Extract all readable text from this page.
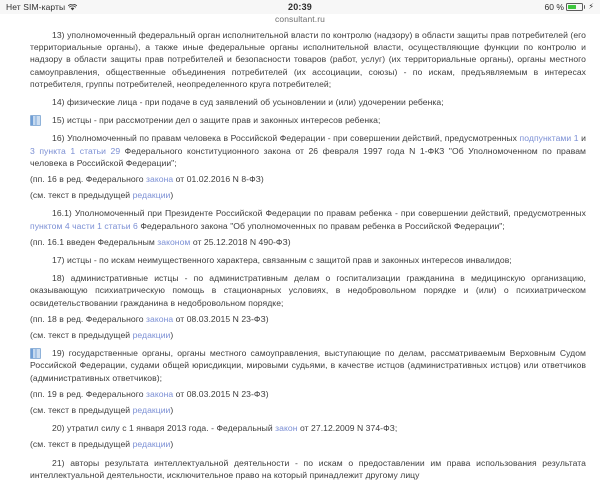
Нет SIM-карты	20:39	60 %	⚡
consultant.ru

13) уполномоченный федеральный орган исполнительной власти по контролю (надзору) в области защиты прав потребителей (его территориальные органы), а также иные федеральные органы исполнительной власти, осуществляющие функции по контролю и надзору в области защиты прав потребителей и безопасности товаров (работ, услуг) (их территориальные органы), органы местного самоуправления, общественные объединения потребителей (их ассоциации, союзы) - по искам, предъявляемым в интересах потребителя, группы потребителей, неопределенного круга потребителей;

14) физические лица - при подаче в суд заявлений об усыновлении и (или) удочерении ребенка;

15) истцы - при рассмотрении дел о защите прав и законных интересов ребенка;

16) Уполномоченный по правам человека в Российской Федерации - при совершении действий, предусмотренных подпунктами 1 и 3 пункта 1 статьи 29 Федерального конституционного закона от 26 февраля 1997 года N 1-ФКЗ "Об Уполномоченном по правам человека в Российской Федерации";

(пп. 16 в ред. Федерального закона от 01.02.2016 N 8-ФЗ)

(см. текст в предыдущей редакции)

16.1) Уполномоченный при Президенте Российской Федерации по правам ребенка - при совершении действий, предусмотренных пунктом 4 части 1 статьи 6 Федерального закона "Об уполномоченных по правам ребенка в Российской Федерации";

(пп. 16.1 введен Федеральным законом от 25.12.2018 N 490-ФЗ)

17) истцы - по искам неимущественного характера, связанным с защитой прав и законных интересов инвалидов;

18) административные истцы - по административным делам о госпитализации гражданина в медицинскую организацию, оказывающую психиатрическую помощь в стационарных условиях, в недобровольном порядке и (или) о психиатрическом освидетельствовании гражданина в недобровольном порядке;

(пп. 18 в ред. Федерального закона от 08.03.2015 N 23-ФЗ)

(см. текст в предыдущей редакции)

19) государственные органы, органы местного самоуправления, выступающие по делам, рассматриваемым Верховным Судом Российской Федерации, судами общей юрисдикции, мировыми судьями, в качестве истцов (административных истцов) или ответчиков (административных ответчиков);

(пп. 19 в ред. Федерального закона от 08.03.2015 N 23-ФЗ)

(см. текст в предыдущей редакции)

20) утратил силу с 1 января 2013 года. - Федеральный закон от 27.12.2009 N 374-ФЗ;

(см. текст в предыдущей редакции)

21) авторы результата интеллектуальной деятельности - по искам о предоставлении им права использования результата интеллектуальной деятельности, исключительное право на который принадлежит другому лицу
